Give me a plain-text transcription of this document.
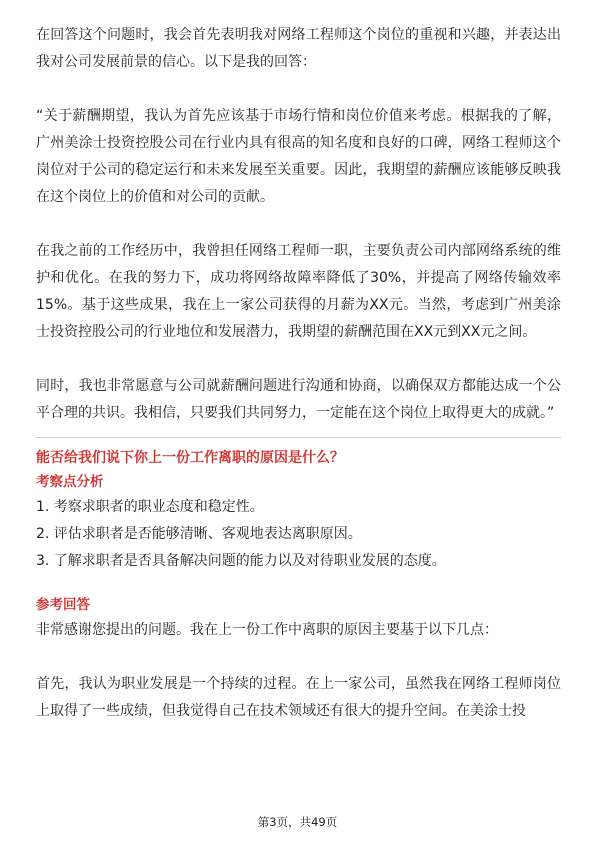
在回答这个问题时，我会首先表明我对网络工程师这个岗位的重视和兴趣，并表达出我对公司发展前景的信心。以下是我的回答：

“关于薪酬期望，我认为首先应该基于市场行情和岗位价值来考虑。根据我的了解，广州美涂士投资控股公司在行业内具有很高的知名度和良好的口碑，网络工程师这个岗位对于公司的稳定运行和未来发展至关重要。因此，我期望的薪酬应该能够反映我在这个岗位上的价值和对公司的贡献。

在我之前的工作经历中，我曾担任网络工程师一职，主要负责公司内部网络系统的维护和优化。在我的努力下，成功将网络故障率降低了30%，并提高了网络传输效率15%。基于这些成果，我在上一家公司获得的月薪为XX元。当然，考虑到广州美涂士投资控股公司的行业地位和发展潜力，我期望的薪酬范围在XX元到XX元之间。

同时，我也非常愿意与公司就薪酬问题进行沟通和协商，以确保双方都能达成一个公平合理的共识。我相信，只要我们共同努力，一定能在这个岗位上取得更大的成就。”

能否给我们说下你上一份工作离职的原因是什么？

考察点分析

1. 考察求职者的职业态度和稳定性。

2. 评估求职者是否能够清晰、客观地表达离职原因。

3. 了解求职者是否具备解决问题的能力以及对待职业发展的态度。

参考回答

非常感谢您提出的问题。我在上一份工作中离职的原因主要基于以下几点：

首先，我认为职业发展是一个持续的过程。在上一家公司，虽然我在网络工程师岗位上取得了一些成绩，但我觉得自己在技术领域还有很大的提升空间。在美涂士投

第3页，共49页
